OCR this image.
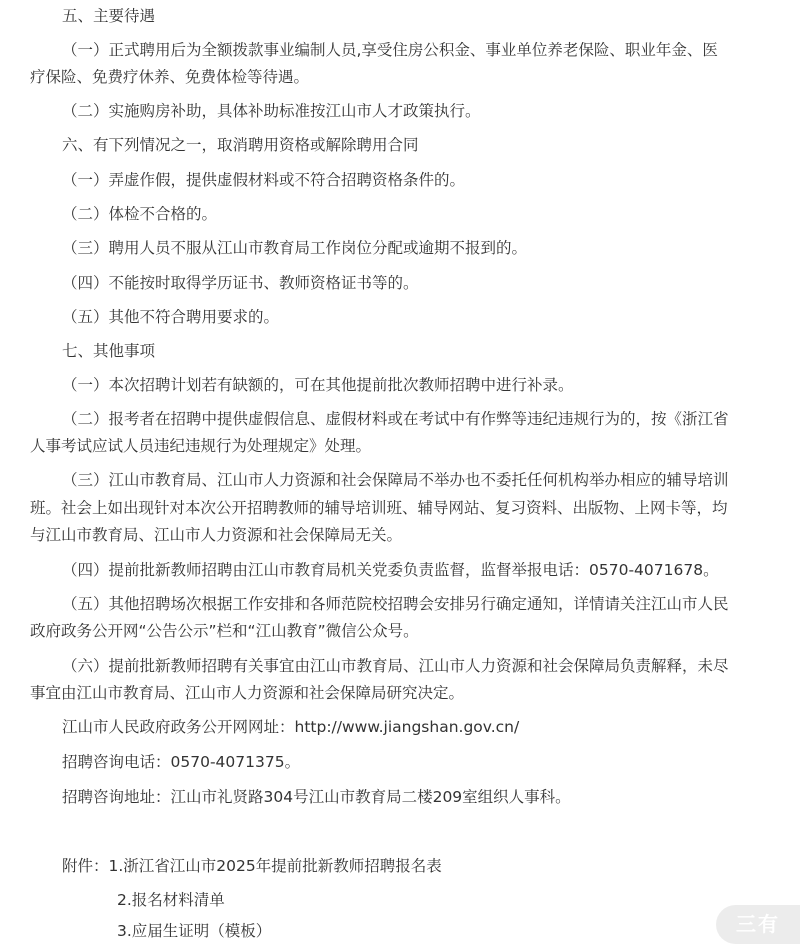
五、主要待遇
（一）正式聘用后为全额拨款事业编制人员,享受住房公积金、事业单位养老保险、职业年金、医
疗保险、免费疗休养、免费体检等待遇。
（二）实施购房补助，具体补助标准按江山市人才政策执行。
六、有下列情况之一，取消聘用资格或解除聘用合同
（一）弄虚作假，提供虚假材料或不符合招聘资格条件的。
（二）体检不合格的。
（三）聘用人员不服从江山市教育局工作岗位分配或逾期不报到的。
（四）不能按时取得学历证书、教师资格证书等的。
（五）其他不符合聘用要求的。
七、其他事项
（一）本次招聘计划若有缺额的，可在其他提前批次教师招聘中进行补录。
（二）报考者在招聘中提供虚假信息、虚假材料或在考试中有作弊等违纪违规行为的，按《浙江省
人事考试应试人员违纪违规行为处理规定》处理。
（三）江山市教育局、江山市人力资源和社会保障局不举办也不委托任何机构举办相应的辅导培训
班。社会上如出现针对本次公开招聘教师的辅导培训班、辅导网站、复习资料、出版物、上网卡等，均
与江山市教育局、江山市人力资源和社会保障局无关。
（四）提前批新教师招聘由江山市教育局机关党委负责监督，监督举报电话：0570-4071678。
（五）其他招聘场次根据工作安排和各师范院校招聘会安排另行确定通知，详情请关注江山市人民
政府政务公开网“公告公示”栏和“江山教育”微信公众号。
（六）提前批新教师招聘有关事宜由江山市教育局、江山市人力资源和社会保障局负责解释，未尽
事宜由江山市教育局、江山市人力资源和社会保障局研究决定。
江山市人民政府政务公开网网址：http://www.jiangshan.gov.cn/
招聘咨询电话：0570-4071375。
招聘咨询地址：江山市礼贤路304号江山市教育局二楼209室组织人事科。
附件：1.浙江省江山市2025年提前批新教师招聘报名表
2.报名材料清单
3.应届生证明（模板）	三有
